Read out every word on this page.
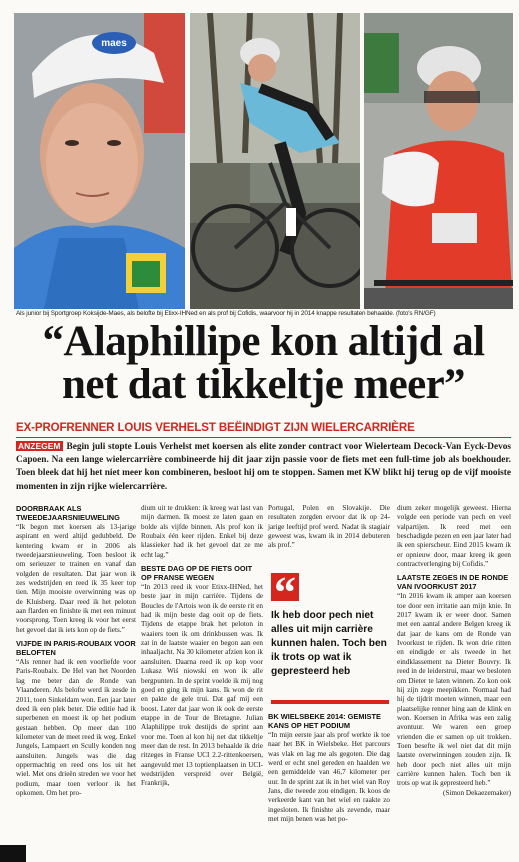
maes
Als junior bij Sportgroep Koksijde-Maes, als belofte bij Etixx-IHNed en als prof bij Cofidis, waarvoor hij in 2014 knappe resultaten behaalde. (foto's RN/GF)
“Alaphillipe kon altijd al
net dat tikkeltje meer”
EX-PROFRENNER LOUIS VERHELST BEËINDIGT ZIJN WIELERCARRIÈRE
ANZEGEM Begin juli stopte Louis Verhelst met koersen als elite zonder contract voor Wielerteam Decock-Van Eyck-Devos Capoen. Na een lange wielercarrière combineerde hij dit jaar zijn passie voor de fiets met een full-time job als boekhouder. Toen bleek dat hij het niet meer kon combineren, besloot hij om te stoppen. Samen met KW blikt hij terug op de vijf mooiste momenten in zijn rijke wielercarrière.
DOORBRAAK ALS TWEEDEJAARSNIEUWELING

“Ik begon met koersen als 13-jarige aspirant en werd altijd gedubbeld. De kentering kwam er in 2006 als tweedejaarsnieuweling. Toen besloot ik om serieuzer te trainen en vanaf dan volgden de resultaten. Dat jaar won ik zes wedstrijden en reed ik 35 keer top tien. Mijn mooiste overwinning was op de Kluisberg. Daar reed ik het peloton aan flarden en finishte ik met een minuut voorsprong. Toen kreeg ik voor het eerst het gevoel dat ik iets kon op de fiets.”

VIJFDE IN PARIS-ROUBAIX VOOR BELOFTEN

“Als renner had ik een voorliefde voor Paris-Roubaix. De Hel van het Noorden lag me beter dan de Ronde van Vlaanderen. Als belofte werd ik zesde in 2011, toen Sinkeldam won. Een jaar later deed ik een plek beter. Die editie had ik superbenen en moest ik op het podium gestaan hebben. Op meer dan 100 kilometer van de meet reed ik weg. Enkel Jungels, Lampaert en Scully konden nog aansluiten. Jungels was die dag oppermachtig en reed ons los uit het wiel. Met ons drieën streden we voor het podium, maar toen verloor ik het opkomen. Om het pro-

dium uit te drukken: ik kreeg wat last van mijn darmen. Ik moest ze laten gaan en bolde als vijfde binnen. Als prof kon ik Roubaix één keer rijden. Enkel bij deze klassieker had ik het gevoel dat ze me echt lag.”

BESTE DAG OP DE FIETS OOIT OP FRANSE WEGEN

“In 2013 reed ik voor Etixx-IHNed, het beste jaar in mijn carrière. Tijdens de Boucles de l'Artois won ik de eerste rit en had ik mijn beste dag ooit op de fiets. Tijdens de etappe brak het peloton in waaiers toen ik om drinkbussen was. Ik zat in de laatste waaier en begon aan een inhaaljacht. Na 30 kilometer afzien kon ik aansluiten. Daarna reed ik op kop voor Lukasz Wiś niowski en won ik alle bergpunten. In de sprint voelde ik mij nog goed en ging ik mijn kans. Ik won de rit en pakte de gele trui. Dat gaf mij een boost. Later dat jaar won ik ook de eerste etappe in de Tour de Bretagne. Julian Alaphilippe trok destijds de sprint aan voor me. Toen al kon hij net dat tikkeltje meer dan de rest. In 2013 behaalde ik drie ritzeges in Franse UCI 2.2-rittenkoersen, aangevuld met 13 toptienplaatsen in UCI-wedstrijden verspreid over België, Frankrijk,

Portugal, Polen en Slovakije. Die resultaten zorgden ervoor dat ik op 24-jarige leeftijd prof werd. Nadat ik stagiair geweest was, kwam ik in 2014 debuteren als prof.”

“
Ik heb door pech niet alles uit mijn carrière kunnen halen. Toch ben ik trots op wat ik gepresteerd heb
BK WIELSBEKE 2014: GEMISTE KANS OP HET PODIUM

“In mijn eerste jaar als prof werkte ik toe naar het BK in Wielsbeke. Het parcours was vlak en lag me als gegoten. Die dag werd er echt snel gereden en haalden we een gemiddelde van 46,7 kilometer per uur. In de sprint zat ik in het wiel van Roy Jans, die tweede zou eindigen. Ik koos de verkeerde kant van het wiel en raakte zo ingesloten. Ik finishte als zevende, maar met mijn benen was het po-

dium zeker mogelijk geweest. Hierna volgde een periode van pech en veel valpartijen. Ik reed met een beschadigde pezen en een jaar later had ik een spierscheur. Eind 2015 kwam ik er opnieuw door, maar kreeg ik geen contractverlenging bij Cofidis.”

LAATSTE ZEGES IN DE RONDE VAN IVOORKUST 2017

“In 2016 kwam ik amper aan koersen toe door een irritatie aan mijn knie. In 2017 kwam ik er weer door. Samen met een aantal andere Belgen kreeg ik dat jaar de kans om de Ronde van Ivoorkust te rijden. Ik won drie ritten en eindigde er als tweede in het eindklassement na Dieter Bouvry. Ik reed in de leiderstrui, maar we besloten om Dieter te laten winnen. Zo kon ook hij zijn zege meepikken. Normaal had hij de tijdrit moeten winnen, maar een plaatselijke renner hing aan de klink en won. Koersen in Afrika was een zalig avontuur. We waren een groep vrienden die er samen op uit trokken. Toen besefte ik wel niet dat dit mijn laatste overwinningen zouden zijn. Ik heb door pech niet alles uit mijn carrière kunnen halen. Toch ben ik trots op wat ik gepresteerd heb.”

(Simon Dekaezemaker)
